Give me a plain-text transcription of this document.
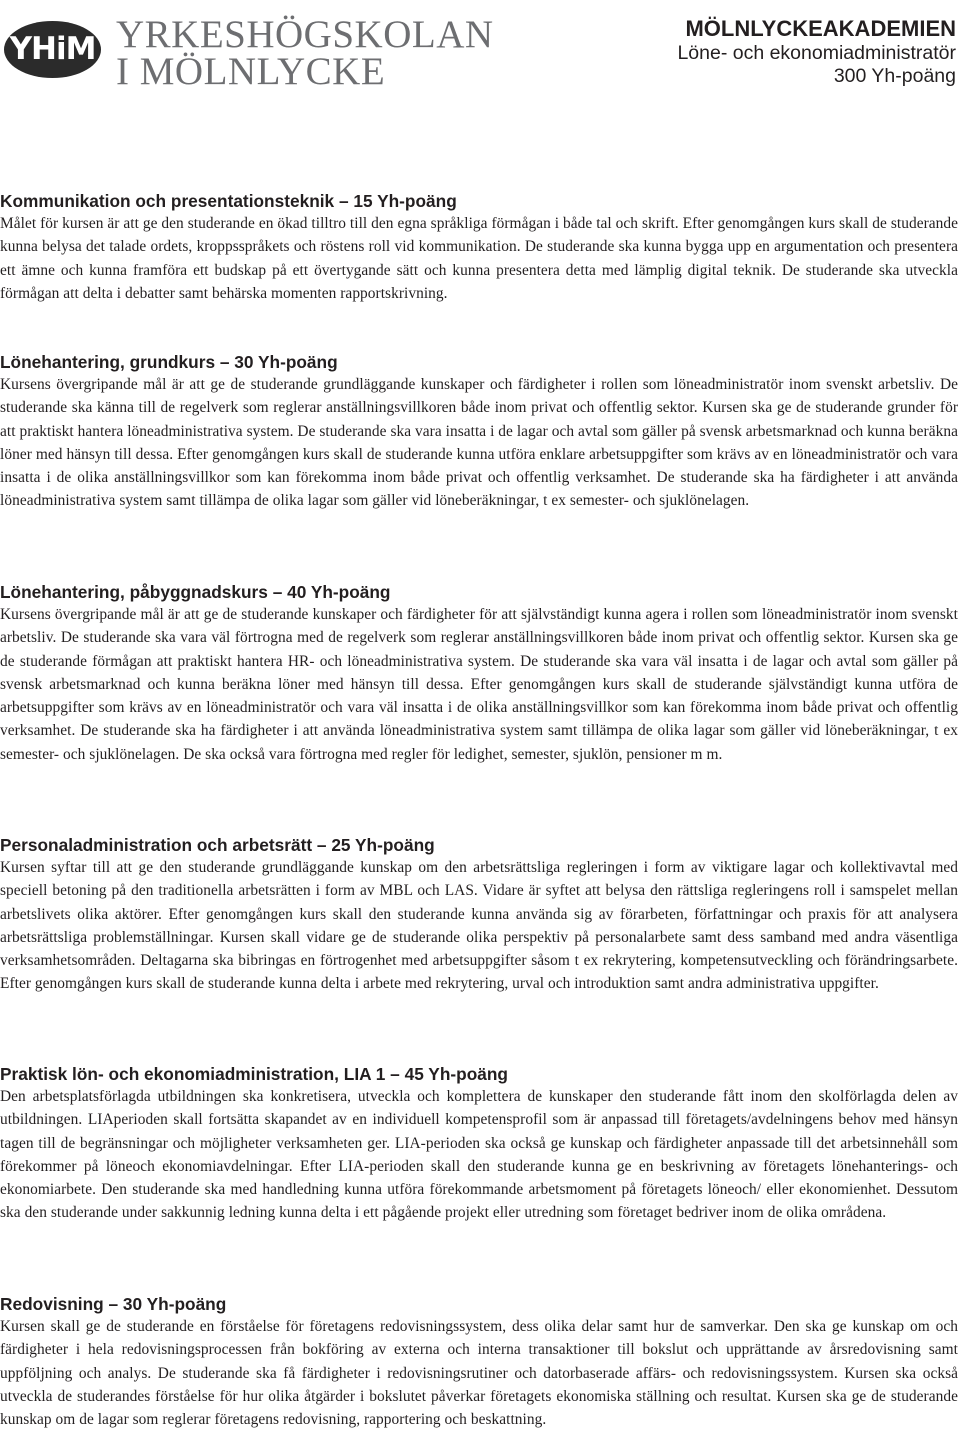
YHiM YRKESHÖGSKOLAN
I MÖLNLYCKE
MÖLNLYCKEAKADEMIEN
Löne- och ekonomiadministratör
300 Yh-poäng
Kommunikation och presentationsteknik – 15 Yh-poäng

Målet för kursen är att ge den studerande en ökad tilltro till den egna språkliga förmågan i både tal och skrift. Efter genomgången kurs skall de studerande kunna belysa det talade ordets, kroppsspråkets och röstens roll vid kommunikation. De studerande ska kunna bygga upp en argumentation och presentera ett ämne och kunna framföra ett budskap på ett övertygande sätt och kunna presentera detta med lämplig digital teknik. De studerande ska utveckla förmågan att delta i debatter samt behärska momenten rapportskrivning.

Lönehantering, grundkurs – 30 Yh-poäng

Kursens övergripande mål är att ge de studerande grundläggande kunskaper och färdigheter i rollen som löneadministratör inom svenskt arbetsliv. De studerande ska känna till de regelverk som reglerar anställningsvillkoren både inom privat och offentlig sektor. Kursen ska ge de studerande grunder för att praktiskt hantera löneadministrativa system. De studerande ska vara insatta i de lagar och avtal som gäller på svensk arbetsmarknad och kunna beräkna löner med hänsyn till dessa. Efter genomgången kurs skall de studerande kunna utföra enklare arbetsuppgifter som krävs av en löneadministratör och vara insatta i de olika anställningsvillkor som kan förekomma inom både privat och offentlig verksamhet. De studerande ska ha färdigheter i att använda löneadministrativa system samt tillämpa de olika lagar som gäller vid löneberäkningar, t ex semester- och sjuklönelagen.

Lönehantering, påbyggnadskurs – 40 Yh-poäng

Kursens övergripande mål är att ge de studerande kunskaper och färdigheter för att självständigt kunna agera i rollen som löneadministratör inom svenskt arbetsliv. De studerande ska vara väl förtrogna med de regelverk som reglerar anställningsvillkoren både inom privat och offentlig sektor. Kursen ska ge de studerande förmågan att praktiskt hantera HR- och löneadministrativa system. De studerande ska vara väl insatta i de lagar och avtal som gäller på svensk arbetsmarknad och kunna beräkna löner med hänsyn till dessa. Efter genomgången kurs skall de studerande självständigt kunna utföra de arbetsuppgifter som krävs av en löneadministratör och vara väl insatta i de olika anställningsvillkor som kan förekomma inom både privat och offentlig verksamhet. De studerande ska ha färdigheter i att använda löneadministrativa system samt tillämpa de olika lagar som gäller vid löneberäkningar, t ex semester- och sjuklönelagen. De ska också vara förtrogna med regler för ledighet, semester, sjuklön, pensioner m m.

Personaladministration och arbetsrätt – 25 Yh-poäng

Kursen syftar till att ge den studerande grundläggande kunskap om den arbetsrättsliga regleringen i form av viktigare lagar och kollektivavtal med speciell betoning på den traditionella arbetsrätten i form av MBL och LAS. Vidare är syftet att belysa den rättsliga regleringens roll i samspelet mellan arbetslivets olika aktörer. Efter genomgången kurs skall den studerande kunna använda sig av förarbeten, författningar och praxis för att analysera arbetsrättsliga problemställningar. Kursen skall vidare ge de studerande olika perspektiv på personalarbete samt dess samband med andra väsentliga verksamhetsområden. Deltagarna ska bibringas en förtrogenhet med arbetsuppgifter såsom t ex rekrytering, kompetensutveckling och förändringsarbete. Efter genomgången kurs skall de studerande kunna delta i arbete med rekrytering, urval och introduktion samt andra administrativa uppgifter.

Praktisk lön- och ekonomiadministration, LIA 1 – 45 Yh-poäng

Den arbetsplatsförlagda utbildningen ska konkretisera, utveckla och komplettera de kunskaper den studerande fått inom den skolförlagda delen av utbildningen. LIAperioden skall fortsätta skapandet av en individuell kompetensprofil som är anpassad till företagets/avdelningens behov med hänsyn tagen till de begränsningar och möjligheter verksamheten ger. LIA-perioden ska också ge kunskap och färdigheter anpassade till det arbetsinnehåll som förekommer på löneoch ekonomiavdelningar. Efter LIA-perioden skall den studerande kunna ge en beskrivning av företagets lönehanterings- och ekonomiarbete. Den studerande ska med handledning kunna utföra förekommande arbetsmoment på företagets löneoch/ eller ekonomienhet. Dessutom ska den studerande under sakkunnig ledning kunna delta i ett pågående projekt eller utredning som företaget bedriver inom de olika områdena.

Redovisning – 30 Yh-poäng

Kursen skall ge de studerande en förståelse för företagens redovisningssystem, dess olika delar samt hur de samverkar. Den ska ge kunskap om och färdigheter i hela redovisningsprocessen från bokföring av externa och interna transaktioner till bokslut och upprättande av årsredovisning samt uppföljning och analys. De studerande ska få färdigheter i redovisningsrutiner och datorbaserade affärs- och redovisningssystem. Kursen ska också utveckla de studerandes förståelse för hur olika åtgärder i bokslutet påverkar företagets ekonomiska ställning och resultat. Kursen ska ge de studerande kunskap om de lagar som reglerar företagens redovisning, rapportering och beskattning.
